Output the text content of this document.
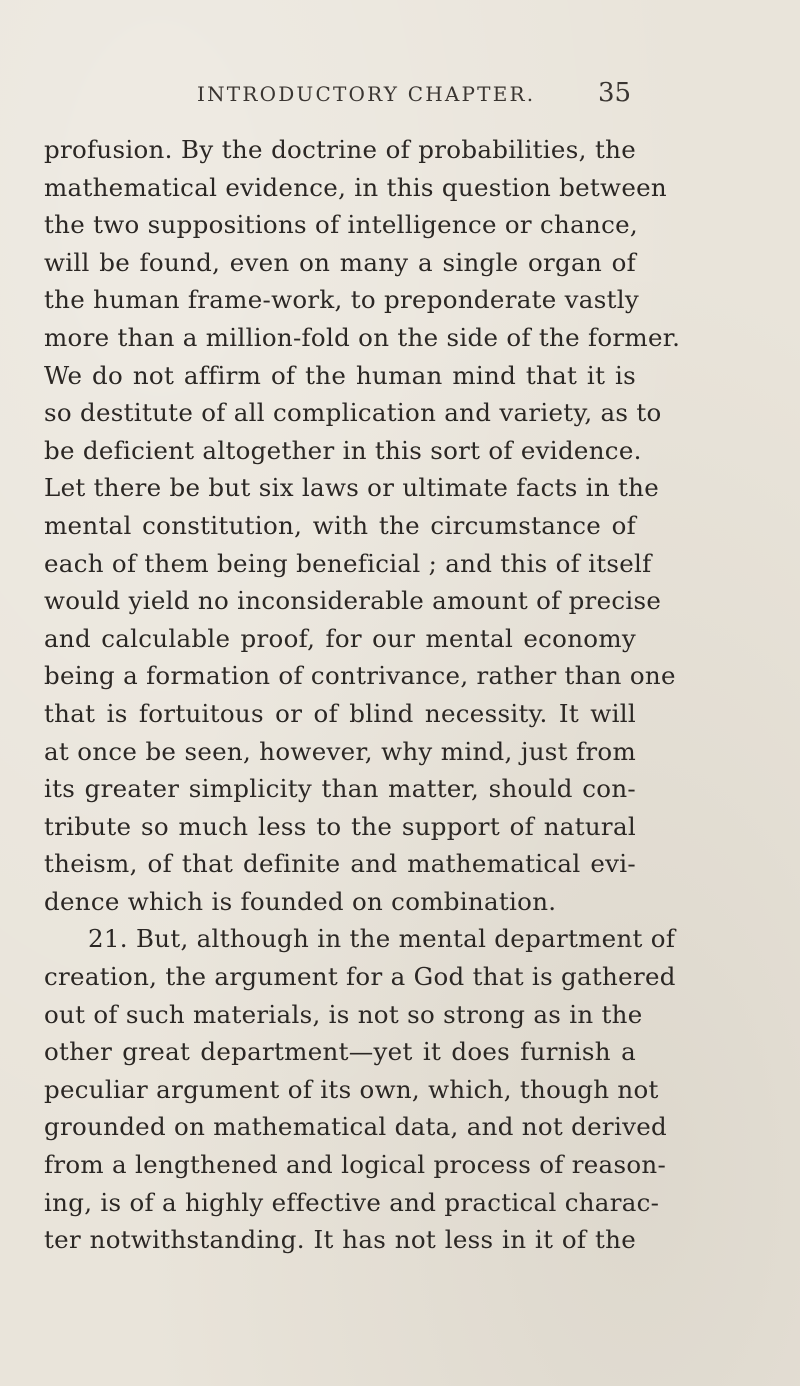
INTRODUCTORY CHAPTER. 35
profusion. By the doctrine of probabilities, the
mathematical evidence, in this question between
the two suppositions of intelligence or chance,
will be found, even on many a single organ of
the human frame-work, to preponderate vastly
more than a million-fold on the side of the former.
We do not affirm of the human mind that it is
so destitute of all complication and variety, as to
be deficient altogether in this sort of evidence.
Let there be but six laws or ultimate facts in the
mental constitution, with the circumstance of
each of them being beneficial ; and this of itself
would yield no inconsiderable amount of precise
and calculable proof, for our mental economy
being a formation of contrivance, rather than one
that is fortuitous or of blind necessity. It will
at once be seen, however, why mind, just from
its greater simplicity than matter, should con-
tribute so much less to the support of natural
theism, of that definite and mathematical evi-
dence which is founded on combination.
21. But, although in the mental department of
creation, the argument for a God that is gathered
out of such materials, is not so strong as in the
other great department—yet it does furnish a
peculiar argument of its own, which, though not
grounded on mathematical data, and not derived
from a lengthened and logical process of reason-
ing, is of a highly effective and practical charac-
ter notwithstanding. It has not less in it of the
